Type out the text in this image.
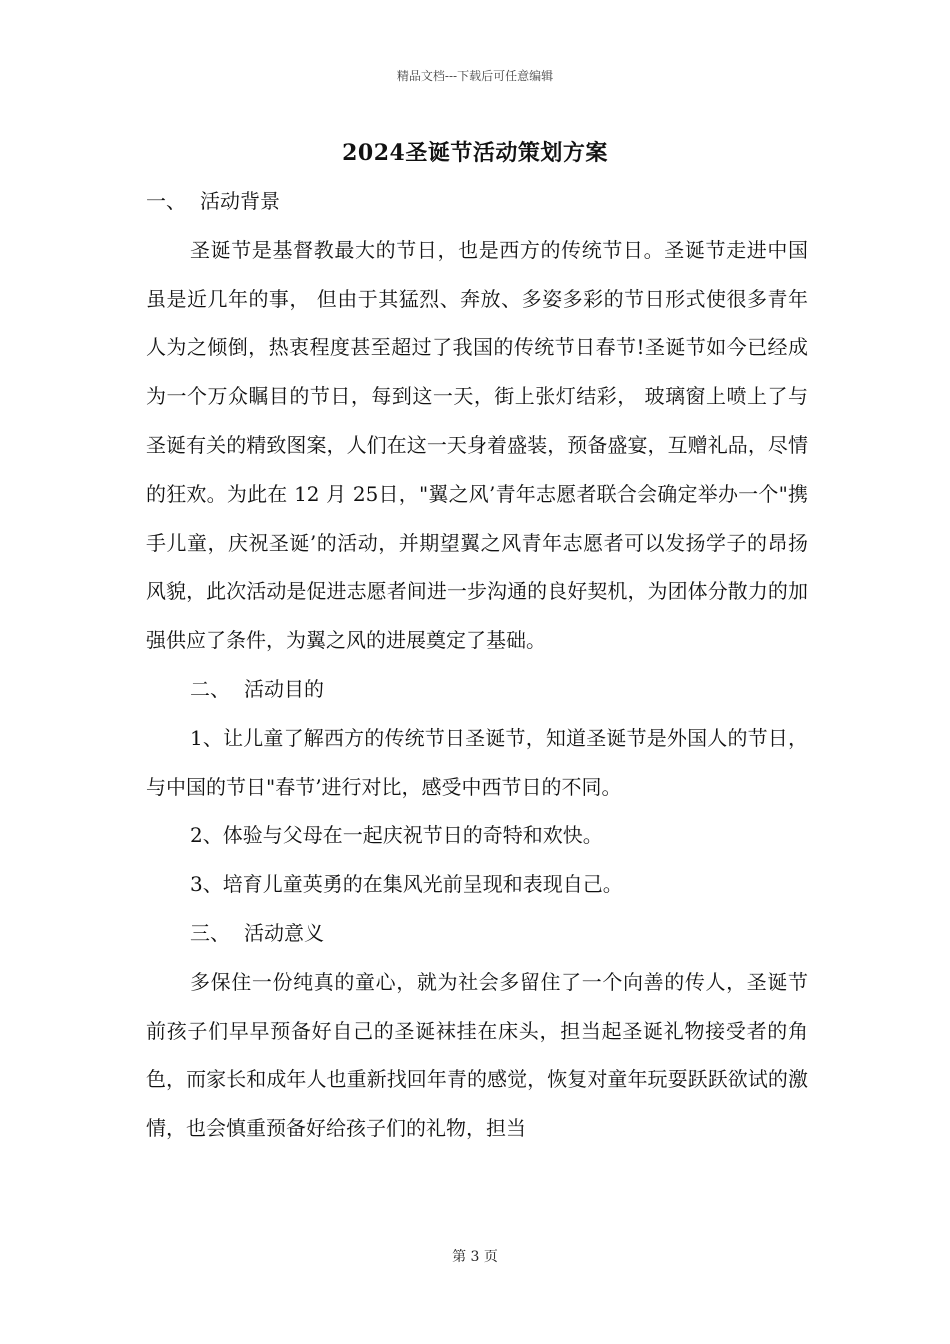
精品文档---下载后可任意编辑
2024圣诞节活动策划方案

一、 活动背景

圣诞节是基督教最大的节日，也是西方的传统节日。圣诞节走进中国虽是近几年的事， 但由于其猛烈、奔放、多姿多彩的节日形式使很多青年人为之倾倒，热衷程度甚至超过了我国的传统节日春节!圣诞节如今已经成为一个万众瞩目的节日，每到这一天，街上张灯结彩， 玻璃窗上喷上了与圣诞有关的精致图案，人们在这一天身着盛装，预备盛宴，互赠礼品，尽情的狂欢。为此在 12 月 25日，"翼之风’青年志愿者联合会确定举办一个"携手儿童，庆祝圣诞’的活动，并期望翼之风青年志愿者可以发扬学子的昂扬风貌，此次活动是促进志愿者间进一步沟通的良好契机，为团体分散力的加强供应了条件，为翼之风的进展奠定了基础。

二、 活动目的

1、让儿童了解西方的传统节日圣诞节，知道圣诞节是外国人的节日，与中国的节日"春节’进行对比，感受中西节日的不同。

2、体验与父母在一起庆祝节日的奇特和欢快。

3、培育儿童英勇的在集风光前呈现和表现自己。

三、 活动意义

多保住一份纯真的童心，就为社会多留住了一个向善的传人，圣诞节前孩子们早早预备好自己的圣诞袜挂在床头，担当起圣诞礼物接受者的角色，而家长和成年人也重新找回年青的感觉，恢复对童年玩耍跃跃欲试的激情，也会慎重预备好给孩子们的礼物，担当

第 3 页
